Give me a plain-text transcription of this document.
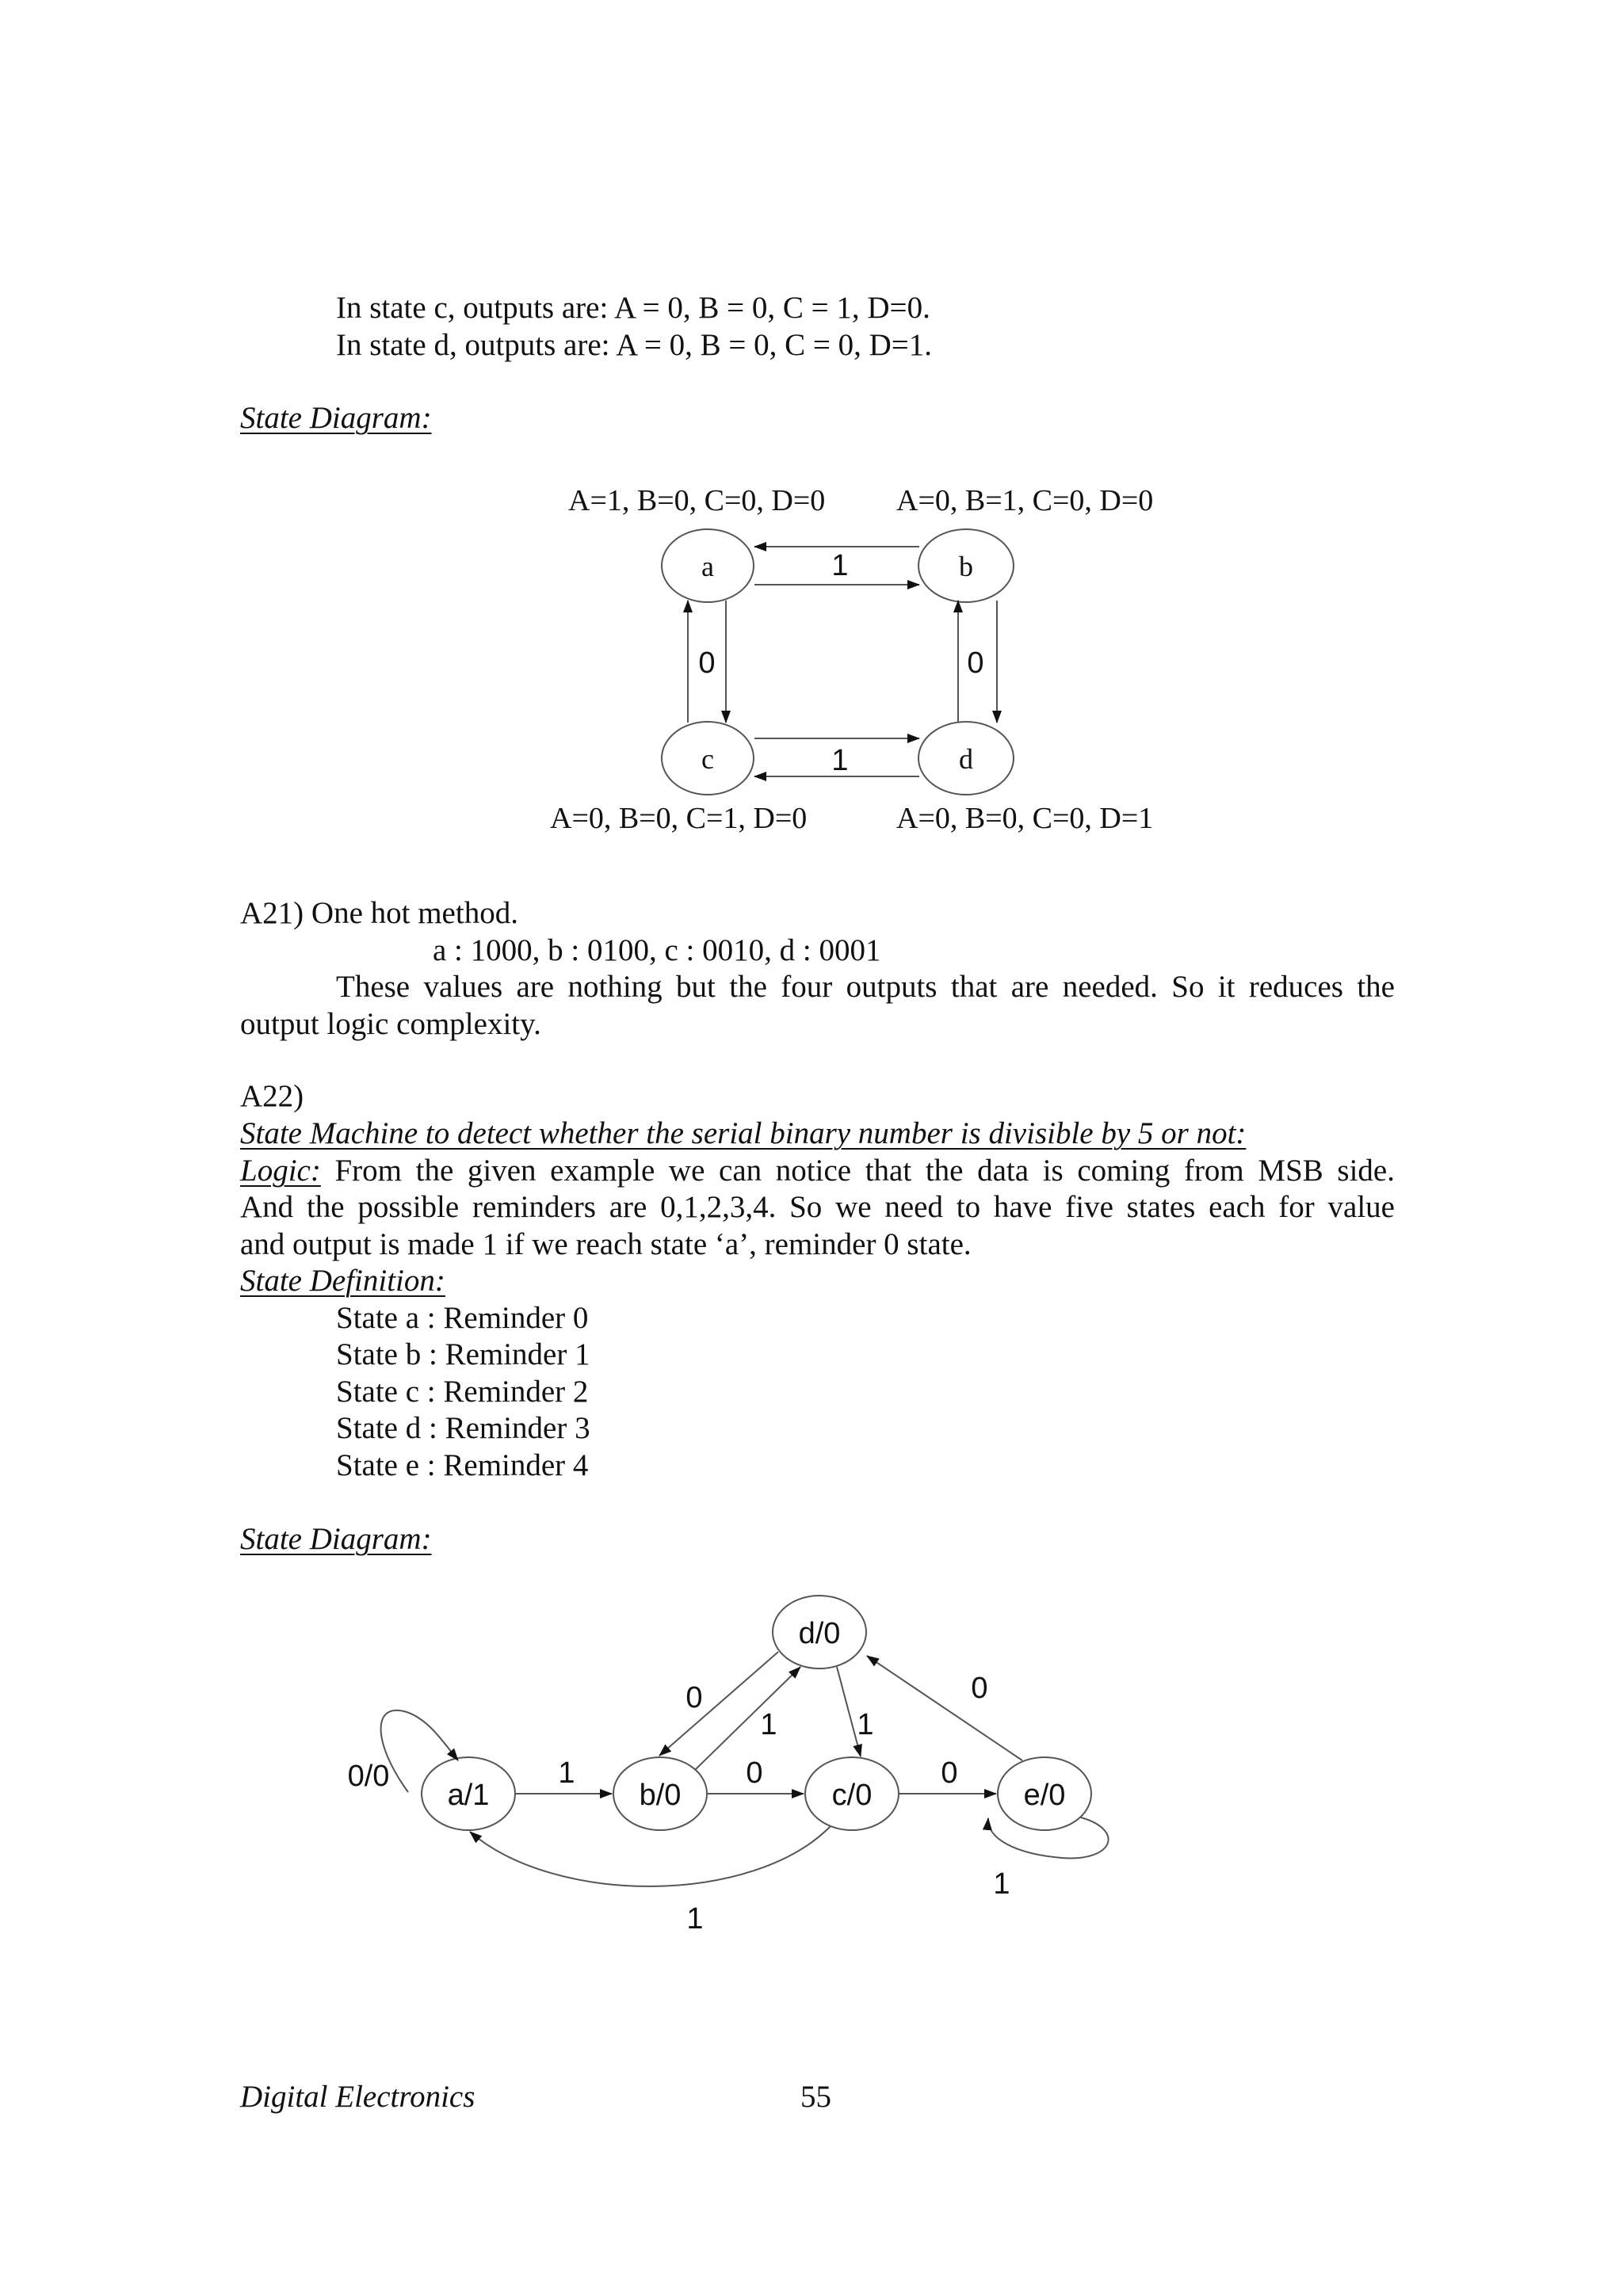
In state c, outputs are: A = 0, B = 0, C = 1, D=0.
In state d, outputs are: A = 0, B = 0, C = 0, D=1.
State Diagram:
A=1, B=0, C=0, D=0 A=0, B=1, C=0, D=0
A=0, B=0, C=1, D=0	A=0, B=0, C=0, D=1
a	b
c	d
1
0	0
1
A21) One hot method.
a : 1000, b : 0100, c : 0010, d : 0001
These values are nothing but the four outputs that are needed. So it reduces the
output logic complexity.
A22)
State Machine to detect whether the serial binary number is divisible by 5 or not:
Logic: From the given example we can notice that the data is coming from MSB side.
And the possible reminders are 0,1,2,3,4. So we need to have five states each for value
and output is made 1 if we reach state ‘a’, reminder 0 state.
State Definition:
State a : Reminder 0
State b : Reminder 1
State c : Reminder 2
State d : Reminder 3
State e : Reminder 4
State Diagram:
a/1	b/0	c/0
d/0
e/0
0/0	1	0
0
1	1
0
0
1
1
Digital Electronics	55
